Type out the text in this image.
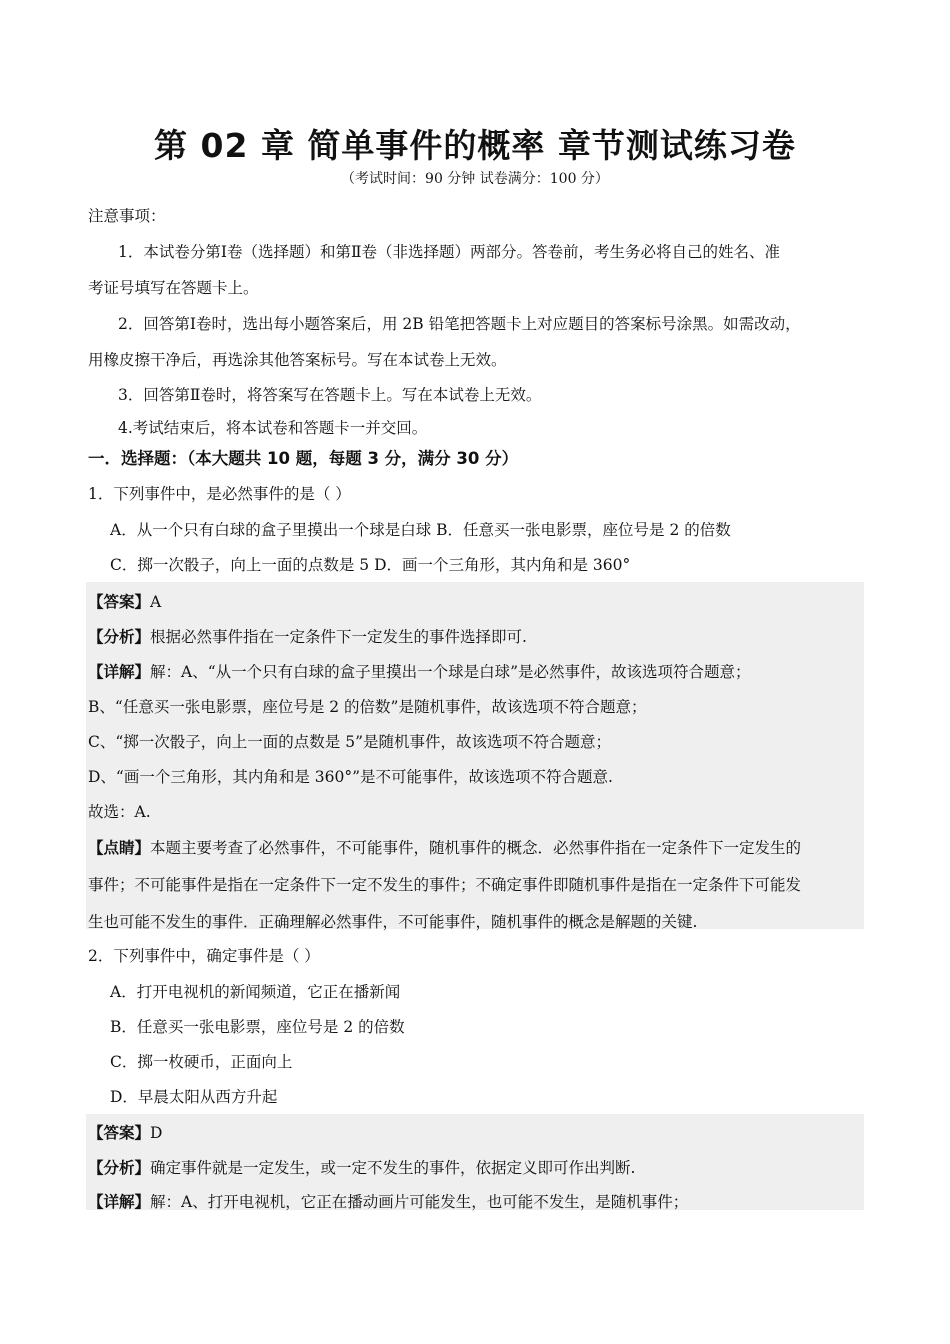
第 02 章 简单事件的概率 章节测试练习卷
（考试时间：90 分钟 试卷满分：100 分）
注意事项：
1．本试卷分第Ⅰ卷（选择题）和第Ⅱ卷（非选择题）两部分。答卷前，考生务必将自己的姓名、准
考证号填写在答题卡上。
2．回答第Ⅰ卷时，选出每小题答案后，用 2B 铅笔把答题卡上对应题目的答案标号涂黑。如需改动，
用橡皮擦干净后，再选涂其他答案标号。写在本试卷上无效。
3．回答第Ⅱ卷时，将答案写在答题卡上。写在本试卷上无效。
4.考试结束后，将本试卷和答题卡一并交回。
一．选择题：（本大题共 10 题，每题 3 分，满分 30 分）
1．下列事件中，是必然事件的是（ ）
A．从一个只有白球的盒子里摸出一个球是白球 B．任意买一张电影票，座位号是 2 的倍数
C．掷一次骰子，向上一面的点数是 5 D．画一个三角形，其内角和是 360°
【答案】A
【分析】根据必然事件指在一定条件下一定发生的事件选择即可.
【详解】解：A、“从一个只有白球的盒子里摸出一个球是白球”是必然事件，故该选项符合题意；
B、“任意买一张电影票，座位号是 2 的倍数”是随机事件，故该选项不符合题意；
C、“掷一次骰子，向上一面的点数是 5”是随机事件，故该选项不符合题意；
D、“画一个三角形，其内角和是 360°”是不可能事件，故该选项不符合题意.
故选：A.
【点睛】本题主要考查了必然事件，不可能事件，随机事件的概念．必然事件指在一定条件下一定发生的
事件；不可能事件是指在一定条件下一定不发生的事件；不确定事件即随机事件是指在一定条件下可能发
生也可能不发生的事件．正确理解必然事件，不可能事件，随机事件的概念是解题的关键.
2．下列事件中，确定事件是（ ）
A．打开电视机的新闻频道，它正在播新闻
B．任意买一张电影票，座位号是 2 的倍数
C．掷一枚硬币，正面向上
D．早晨太阳从西方升起
【答案】D
【分析】确定事件就是一定发生，或一定不发生的事件，依据定义即可作出判断.
【详解】解：A、打开电视机，它正在播动画片可能发生，也可能不发生，是随机事件；
